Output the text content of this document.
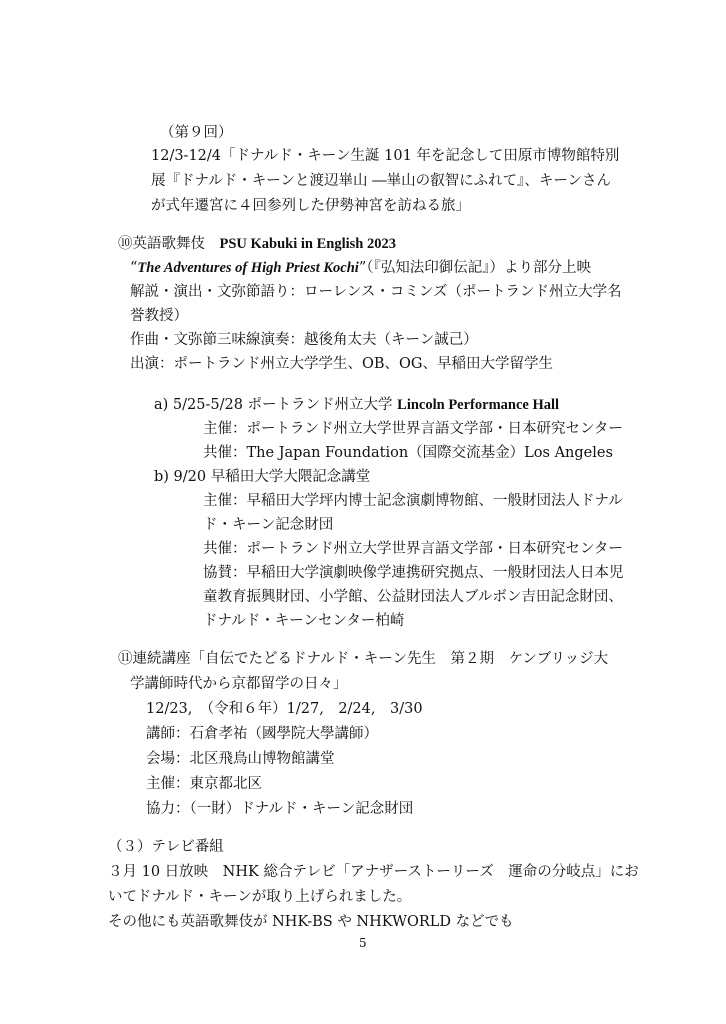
（第９回）
12/3-12/4「ドナルド・キーン生誕 101 年を記念して田原市博物館特別
展『ドナルド・キーンと渡辺崋山 ―崋山の叡智にふれて』、キーンさん
が式年遷宮に４回参列した伊勢神宮を訪ねる旅」
⑩英語歌舞伎　PSU Kabuki in English 2023
“The Adventures of High Priest Kochi”（『弘知法印御伝記』）より部分上映
解説・演出・文弥節語り：ローレンス・コミンズ（ポートランド州立大学名
誉教授）
作曲・文弥節三味線演奏：越後角太夫（キーン誠己）
出演：ポートランド州立大学学生、OB、OG、早稲田大学留学生
a) 5/25-5/28 ポートランド州立大学 Lincoln Performance Hall
主催：ポートランド州立大学世界言語文学部・日本研究センター
共催：The Japan Foundation（国際交流基金）Los Angeles
b) 9/20 早稲田大学大隈記念講堂
主催：早稲田大学坪内博士記念演劇博物館、一般財団法人ドナル
ド・キーン記念財団
共催：ポートランド州立大学世界言語文学部・日本研究センター
協賛：早稲田大学演劇映像学連携研究拠点、一般財団法人日本児
童教育振興財団、小学館、公益財団法人ブルボン吉田記念財団、
ドナルド・キーンセンター柏崎
⑪連続講座「自伝でたどるドナルド・キーン先生　第２期　ケンブリッジ大
学講師時代から京都留学の日々」
12/23,　（令和６年）1/27,　2/24,　3/30
講師：石倉孝祐（國學院大學講師）
会場：北区飛鳥山博物館講堂
主催：東京都北区
協力：（一財）ドナルド・キーン記念財団
（３）テレビ番組
３月 10 日放映　NHK 総合テレビ「アナザーストーリーズ　運命の分岐点」にお
いてドナルド・キーンが取り上げられました。
その他にも英語歌舞伎が NHK-BS や NHKWORLD などでも
5
